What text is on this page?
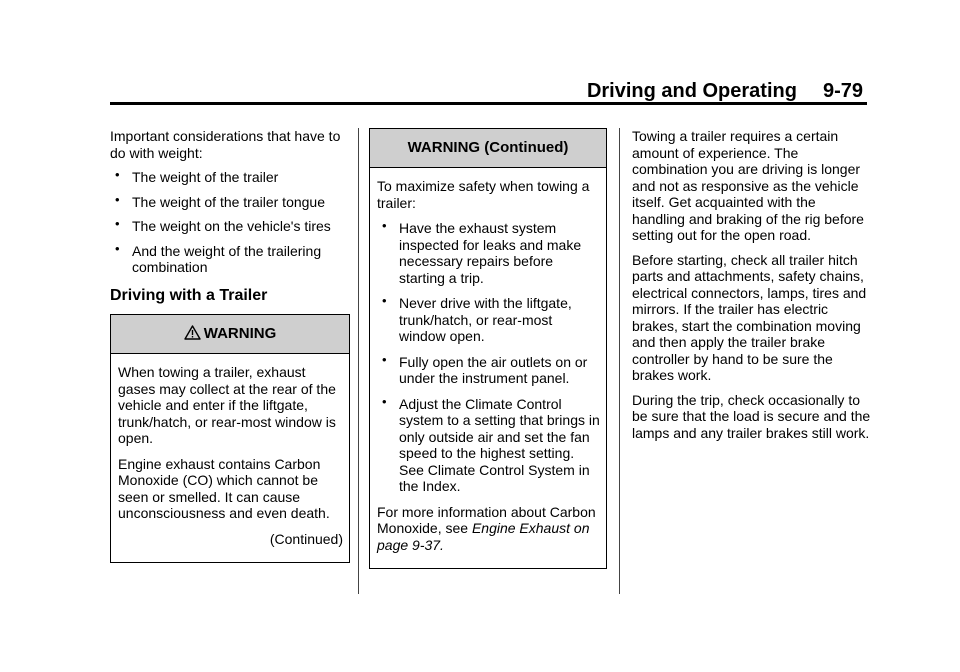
Driving and Operating 9-79

Important considerations that have to do with weight:

• The weight of the trailer
• The weight of the trailer tongue
• The weight on the vehicle's tires
• And the weight of the trailering combination
Driving with a Trailer
WARNING

When towing a trailer, exhaust gases may collect at the rear of the vehicle and enter if the liftgate, trunk/hatch, or rear-most window is open.

Engine exhaust contains Carbon Monoxide (CO) which cannot be seen or smelled. It can cause unconsciousness and even death.

(Continued)

WARNING (Continued)

To maximize safety when towing a trailer:

• Have the exhaust system inspected for leaks and make necessary repairs before starting a trip.
• Never drive with the liftgate, trunk/hatch, or rear-most window open.
• Fully open the air outlets on or under the instrument panel.
• Adjust the Climate Control system to a setting that brings in only outside air and set the fan speed to the highest setting. See Climate Control System in the Index.

For more information about Carbon Monoxide, see Engine Exhaust on page 9-37.

Towing a trailer requires a certain amount of experience. The combination you are driving is longer and not as responsive as the vehicle itself. Get acquainted with the handling and braking of the rig before setting out for the open road.

Before starting, check all trailer hitch parts and attachments, safety chains, electrical connectors, lamps, tires and mirrors. If the trailer has electric brakes, start the combination moving and then apply the trailer brake controller by hand to be sure the brakes work.

During the trip, check occasionally to be sure that the load is secure and the lamps and any trailer brakes still work.
